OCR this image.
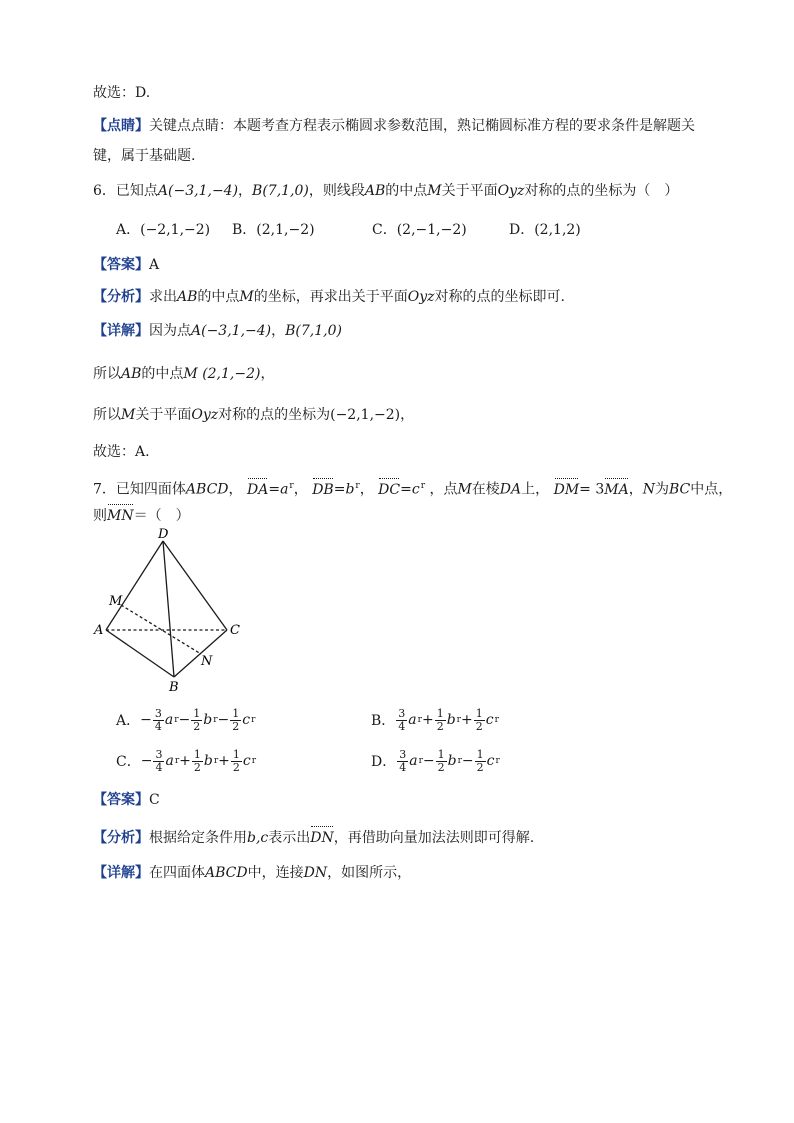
故选：D.
【点睛】关键点点睛：本题考查方程表示椭圆求参数范围，熟记椭圆标准方程的要求条件是解题关
键，属于基础题.
6．已知点A(−3,1,−4)，B(7,1,0)，则线段AB的中点M关于平面Oyz对称的点的坐标为（　）
A．(−2,1,−2) B．(2,1,−2)	C．(2,−1,−2)	D．(2,1,2)
【答案】A
【分析】求出AB的中点M的坐标，再求出关于平面Oyz对称的点的坐标即可.
【详解】因为点A(−3,1,−4)，B(7,1,0)
所以AB的中点M (2,1,−2)，
所以M关于平面Oyz对称的点的坐标为(−2,1,−2)，
故选：A.
7．已知四面体ABCD， $DA=a^r$， $DB=b^r$， $DC=c^r$ ，点M在棱DA上， DM= 3MA，N为BC中点，
则MN＝（　）
D
M
A	C
N
B
A． − $\frac{3}{4}$ a $r - \frac{1}{2}$ b $r - \frac{1}{2}$ c r	B． $\frac{3}{4}$ a $r + \frac{1}{2}$ b $r + \frac{1}{2}$ c r
C． − $\frac{3}{4}$ a $r + \frac{1}{2}$ b $r + \frac{1}{2}$ c r	D． $\frac{3}{4}$ a $r - \frac{1}{2}$ b $r - \frac{1}{2}$ c r
【答案】C
【分析】根据给定条件用b,c表示出DN，再借助向量加法法则即可得解.
【详解】在四面体ABCD中，连接DN，如图所示，
